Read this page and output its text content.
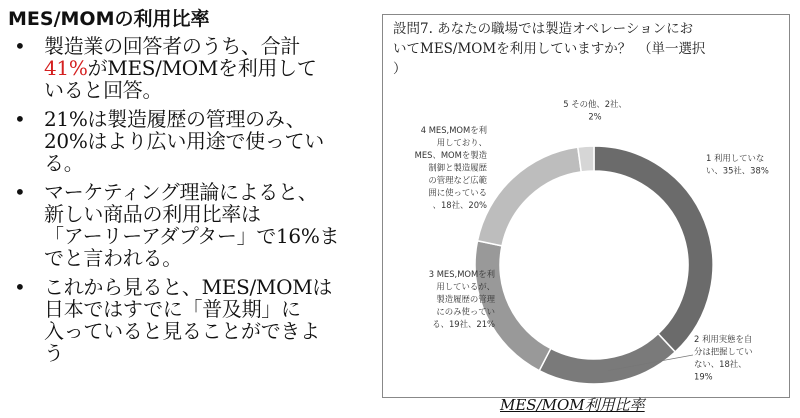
MES/MOMの利用比率
• 製造業の回答者のうち、合計
41%がMES/MOMを利用して
いると回答。
• 21%は製造履歴の管理のみ、
20%はより広い用途で使ってい
る。
• マーケティング理論によると、
新しい商品の利用比率は
「アーリーアダプター」で16%ま
でと言われる。
• これから見ると、MES/MOMは
日本ではすでに「普及期」に
入っていると見ることができよ
う
設問7. あなたの職場では製造オペレーションにお
いてMES/MOMを利用していますか？　（単一選択
）
1 利用していない、35社、38%
2 利用実態を自分は把握していない、18社、 19%
3 MES,MOMを利用しているが、製造履歴の管理にのみ使っている、19社、21%
4 MES,MOMを利用しており、 MES、MOMを製造制御と製造履歴の管理など広範囲に使っている、18社、20%
5 その他、2社、 2%
MES/MOM利用比率
